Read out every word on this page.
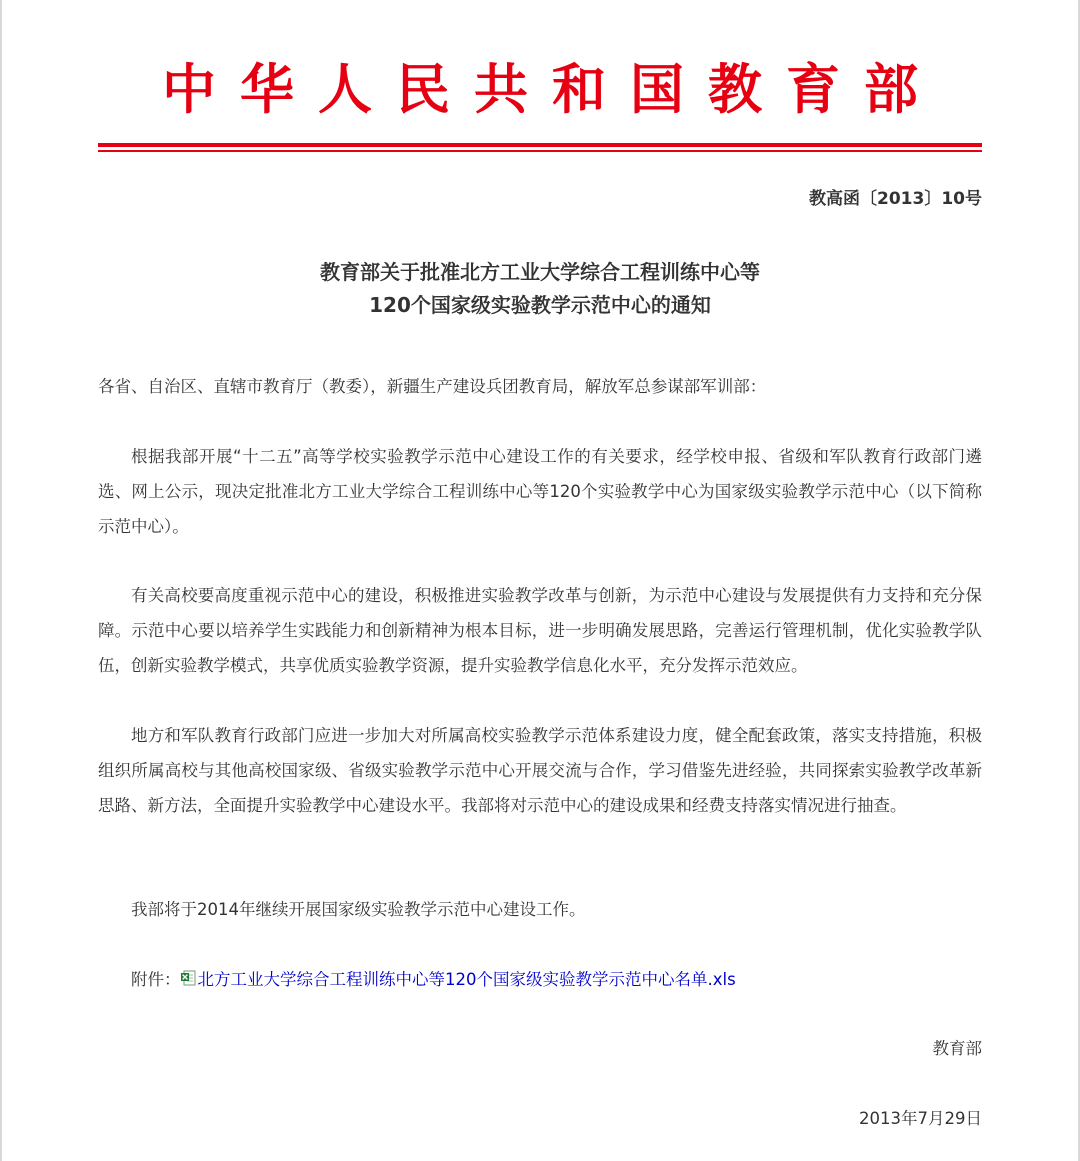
中华人民共和国教育部
教高函〔2013〕10号
教育部关于批准北方工业大学综合工程训练中心等
120个国家级实验教学示范中心的通知
各省、自治区、直辖市教育厅（教委），新疆生产建设兵团教育局，解放军总参谋部军训部：
根据我部开展“十二五”高等学校实验教学示范中心建设工作的有关要求，经学校申报、省级和军队教育行政部门遴选、网上公示，现决定批准北方工业大学综合工程训练中心等120个实验教学中心为国家级实验教学示范中心（以下简称示范中心）。
有关高校要高度重视示范中心的建设，积极推进实验教学改革与创新，为示范中心建设与发展提供有力支持和充分保障。示范中心要以培养学生实践能力和创新精神为根本目标，进一步明确发展思路，完善运行管理机制，优化实验教学队伍，创新实验教学模式，共享优质实验教学资源，提升实验教学信息化水平，充分发挥示范效应。
地方和军队教育行政部门应进一步加大对所属高校实验教学示范体系建设力度，健全配套政策，落实支持措施，积极组织所属高校与其他高校国家级、省级实验教学示范中心开展交流与合作，学习借鉴先进经验，共同探索实验教学改革新思路、新方法，全面提升实验教学中心建设水平。我部将对示范中心的建设成果和经费支持落实情况进行抽查。
我部将于2014年继续开展国家级实验教学示范中心建设工作。
附件： 北方工业大学综合工程训练中心等120个国家级实验教学示范中心名单.xls
教育部
2013年7月29日
